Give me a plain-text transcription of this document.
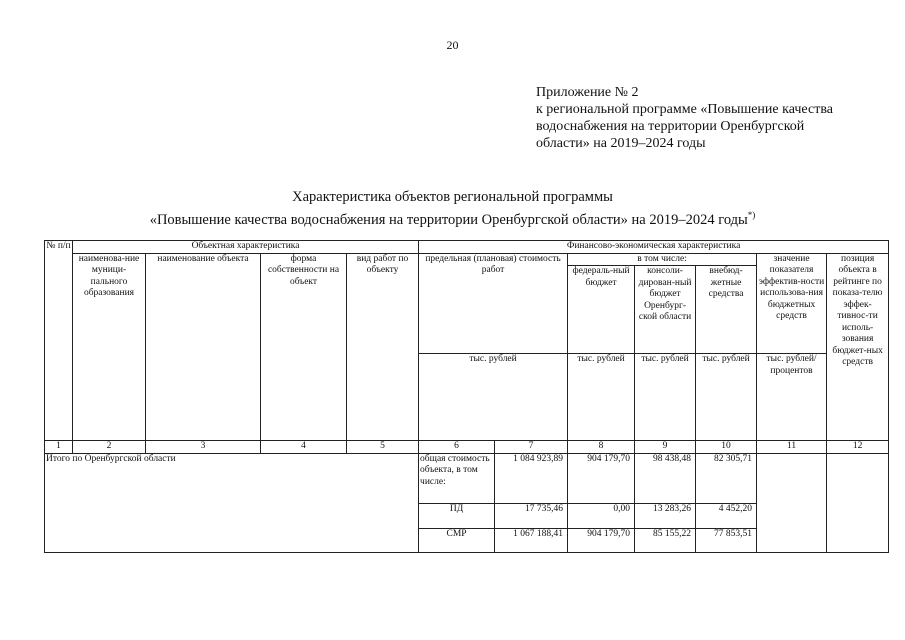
20
Приложение № 2
к региональной программе «Повышение качества
водоснабжения на территории Оренбургской
области» на 2019–2024 годы
Характеристика объектов региональной программы
«Повышение качества водоснабжения на территории Оренбургской области» на 2019–2024 годы*)
№ п/п	Объектная характеристика				Финансово-экономическая характеристика						
	наименова-ние муници-пального образования	наименование объекта	форма собственности на объект	вид работ по объекту	предельная (плановая) стоимость работ		в том числе:			значение показателя эффектив-ности использова-ния бюджетных средств	позиция объекта в рейтинге по показа-телю эффек-тивнос-ти исполь-зования бюджет-ных средств
							федераль-ный бюджет	консоли-дирован-ный бюджет Оренбург-ской области	внебюд-жетные средства		
					тыс. рублей		тыс. рублей	тыс. рублей	тыс. рублей	тыс. рублей/ процентов	
1	2	3	4	5	6	7	8	9	10	11	12
Итого по Оренбургской области					общая стоимость объекта, в том числе:	1 084 923,89	904 179,70	98 438,48	82 305,71		
					ПД	17 735,46	0,00	13 283,26	4 452,20		
					СМР	1 067 188,41	904 179,70	85 155,22	77 853,51		
